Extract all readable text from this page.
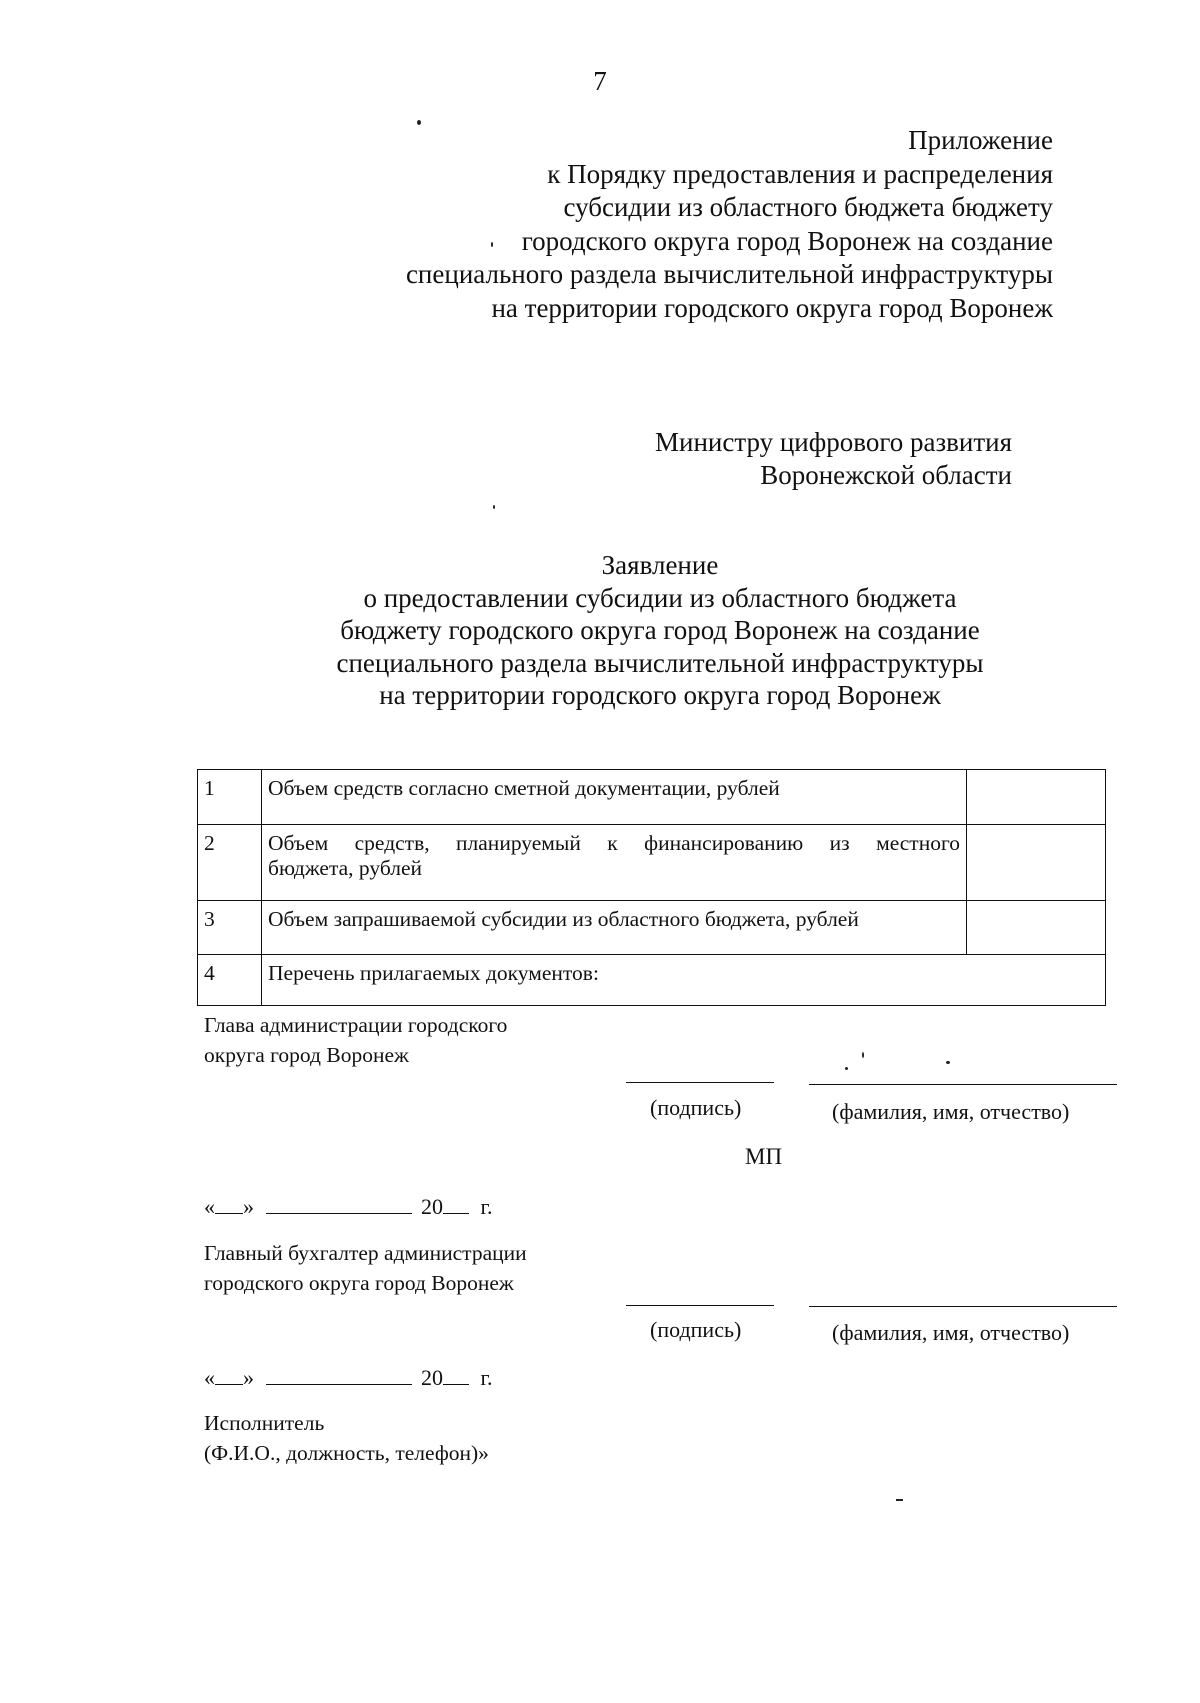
7
Приложение
к Порядку предоставления и распределения
субсидии из областного бюджета бюджету
городского округа город Воронеж на создание
специального раздела вычислительной инфраструктуры
на территории городского округа город Воронеж
Министру цифрового развития
Воронежской области
Заявление
о предоставлении субсидии из областного бюджета
бюджету городского округа город Воронеж на создание
специального раздела вычислительной инфраструктуры
на территории городского округа город Воронеж
1	Объем средств согласно сметной документации, рублей	
2	Объем средств, планируемый к финансированию из местного
бюджета, рублей	
3	Объем запрашиваемой субсидии из областного бюджета, рублей	
4	Перечень прилагаемых документов:	
Глава администрации городского
округа город Воронеж
(подпись)	(фамилия, имя, отчество)
МП
« »	20 г.
Главный бухгалтер администрации
городского округа город Воронеж
(подпись)	(фамилия, имя, отчество)
« »	20 г.
Исполнитель
(Ф.И.О., должность, телефон)»
